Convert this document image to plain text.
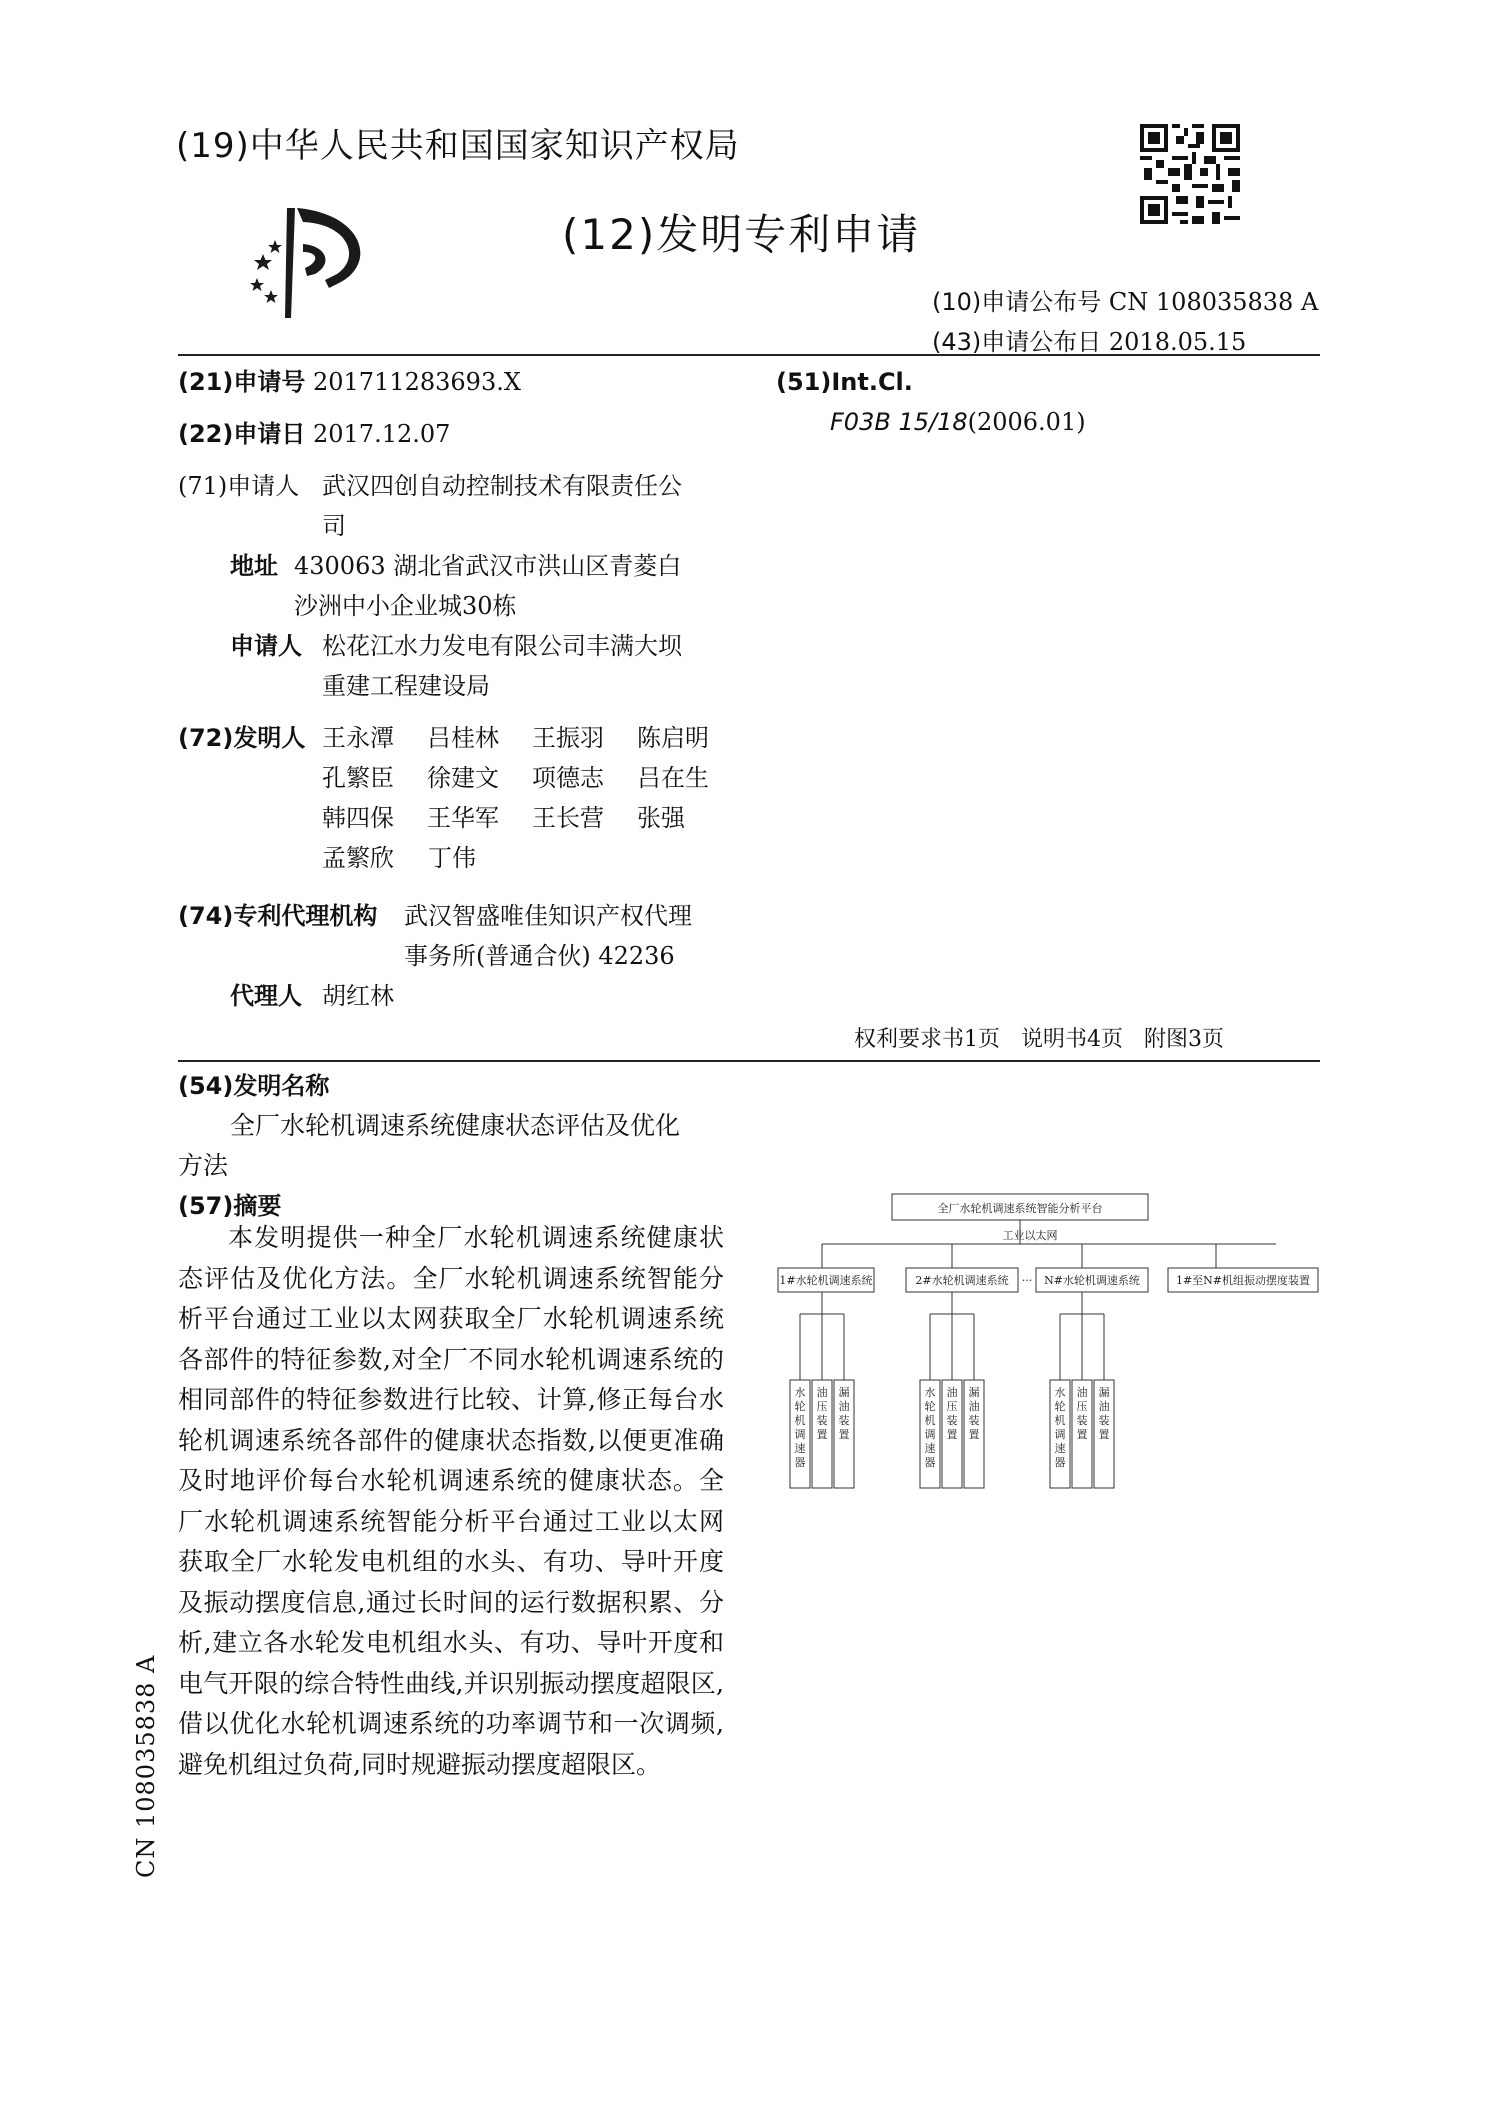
(19)中华人民共和国国家知识产权局
(12)发明专利申请
(10)申请公布号 CN 108035838 A
(43)申请公布日 2018.05.15
(21)申请号 201711283693.X
(22)申请日 2017.12.07
(71)申请人 武汉四创自动控制技术有限责任公
司
地址 430063 湖北省武汉市洪山区青菱白
沙洲中小企业城30栋
申请人 松花江水力发电有限公司丰满大坝
重建工程建设局
(72)发明人 王永潭	吕桂林	王振羽	陈启明
孔繁臣	徐建文	项德志	吕在生
韩四保	王华军	王长营	张强
孟繁欣	丁伟
(74)专利代理机构 武汉智盛唯佳知识产权代理
事务所(普通合伙) 42236
代理人 胡红林
(51)Int.Cl.
F03B 15/18(2006.01)
权利要求书1页   说明书4页   附图3页
(54)发明名称
全厂水轮机调速系统健康状态评估及优化
方法
(57)摘要
本发明提供一种全厂水轮机调速系统健康状态评估及优化方法。全厂水轮机调速系统智能分析平台通过工业以太网获取全厂水轮机调速系统各部件的特征参数,对全厂不同水轮机调速系统的相同部件的特征参数进行比较、计算,修正每台水轮机调速系统各部件的健康状态指数,以便更准确及时地评价每台水轮机调速系统的健康状态。全厂水轮机调速系统智能分析平台通过工业以太网获取全厂水轮发电机组的水头、有功、导叶开度及振动摆度信息,通过长时间的运行数据积累、分析,建立各水轮发电机组水头、有功、导叶开度和电气开限的综合特性曲线,并识别振动摆度超限区,借以优化水轮机调速系统的功率调节和一次调频,避免机组过负荷,同时规避振动摆度超限区。
CN 108035838 A
全厂水轮机调速系统智能分析平台
工业以太网
1#水轮机调速系统	2#水轮机调速系统 ··· N#水轮机调速系统	1#至N#机组振动摆度装置
水轮机调速器
油压装置
漏油装置
水轮机调速器
油压装置
漏油装置
水轮机调速器
油压装置
漏油装置
